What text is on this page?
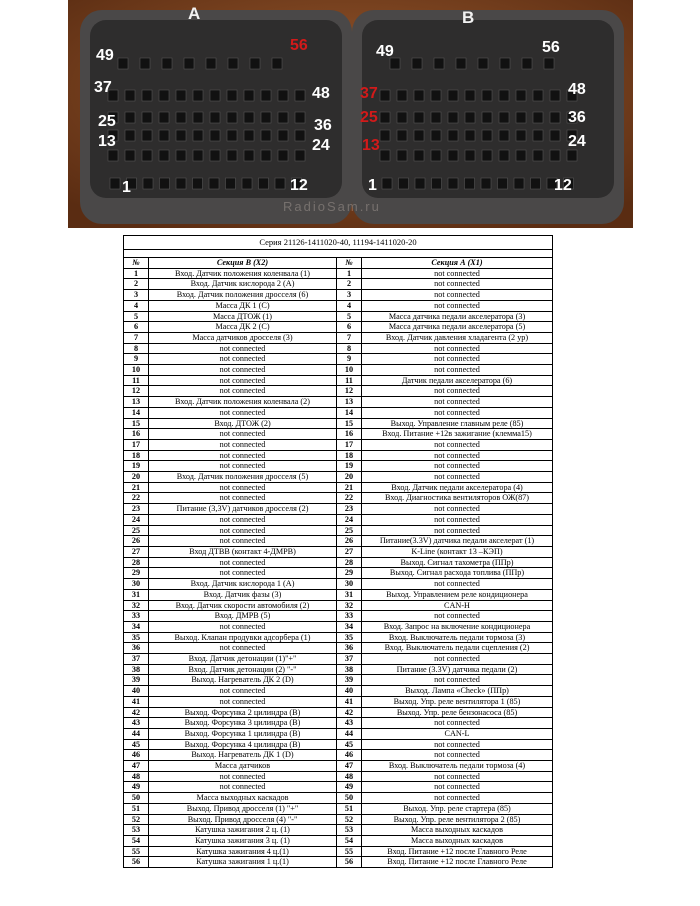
A	B
49
56
37	48
25	36
13	24
1	12
49	56
37	48
25	36
13	24
1	12
RadioSam.ru
Серия 21126-1411020-40, 11194-1411020-20			

№	Секция В (X2)	№	Секция А (X1)
1	Вход. Датчик положения коленвала (1)	1	not connected
2	Вход. Датчик кислорода 2 (А)	2	not connected
3	Вход. Датчик положения дросселя (6)	3	not connected
4	Масса ДК 1 (С)	4	not connected
5	Масса ДТОЖ (1)	5	Масса датчика педали акселератора (3)
6	Масса ДК 2 (С)	6	Масса датчика педали акселератора (5)
7	Масса датчиков дросселя (3)	7	Вход. Датчик давления хладагента (2 ур)
8	not connected	8	not connected
9	not connected	9	not connected
10	not connected	10	not connected
11	not connected	11	Датчик педали акселератора (6)
12	not connected	12	not connected
13	Вход. Датчик положения коленвала (2)	13	not connected
14	not connected	14	not connected
15	Вход. ДТОЖ (2)	15	Выход. Управление главным реле (85)
16	not connected	16	Вход. Питание +12в зажигание (клемма15)
17	not connected	17	not connected
18	not connected	18	not connected
19	not connected	19	not connected
20	Вход. Датчик положения дросселя (5)	20	not connected
21	not connected	21	Вход. Датчик педали акселератора (4)
22	not connected	22	Вход. Диагностика вентиляторов ОЖ(87)
23	Питание (3,3V) датчиков дросселя (2)	23	not connected
24	not connected	24	not connected
25	not connected	25	not connected
26	not connected	26	Питание(3.3V) датчика педали акселерат (1)
27	Вход ДТВВ (контакт 4-ДМРВ)	27	K-Line (контакт 13 –КЭП)
28	not connected	28	Выход. Сигнал тахометра (ППр)
29	not connected	29	Выход. Сигнал расхода топлива (ППр)
30	Вход. Датчик кислорода 1 (А)	30	not connected
31	Вход. Датчик фазы (3)	31	Выход. Управлением реле кондиционера
32	Вход. Датчик скорости автомобиля (2)	32	CAN-H
33	Вход. ДМРВ (5)	33	not connected
34	not connected	34	Вход. Запрос на включение кондиционера
35	Выход. Клапан продувки адсорбера (1)	35	Вход. Выключатель педали тормоза (3)
36	not connected	36	Вход. Выключатель педали сцепления (2)
37	Вход. Датчик детонации (1)"+"	37	not connected
38	Вход. Датчик детонации (2) "-"	38	Питание (3.3V) датчика педали (2)
39	Выход. Нагреватель ДК 2 (D)	39	not connected
40	not connected	40	Выход. Лампа «Check» (ППр)
41	not connected	41	Выход. Упр. реле вентилятора 1 (85)
42	Выход. Форсунка 2 цилиндра (В)	42	Выход. Упр. реле бензонасоса (85)
43	Выход. Форсунка 3 цилиндра (В)	43	not connected
44	Выход. Форсунка 1 цилиндра (В)	44	CAN-L
45	Выход. Форсунка 4 цилиндра (В)	45	not connected
46	Выход. Нагреватель ДК 1 (D)	46	not connected
47	Масса датчиков	47	Вход. Выключатель педали тормоза (4)
48	not connected	48	not connected
49	not connected	49	not connected
50	Масса выходных каскадов	50	not connected
51	Выход. Привод дросселя (1) "+"	51	Выход. Упр. реле стартера (85)
52	Выход. Привод дросселя (4) "-"	52	Выход. Упр. реле вентилятора 2 (85)
53	Катушка зажигания 2 ц. (1)	53	Масса выходных каскадов
54	Катушка зажигания 3 ц. (1)	54	Масса выходных каскадов
55	Катушка зажигания 4 ц.(1)	55	Вход. Питание +12 после Главного Реле
56	Катушка зажигания 1 ц.(1)	56	Вход. Питание +12 после Главного Реле
